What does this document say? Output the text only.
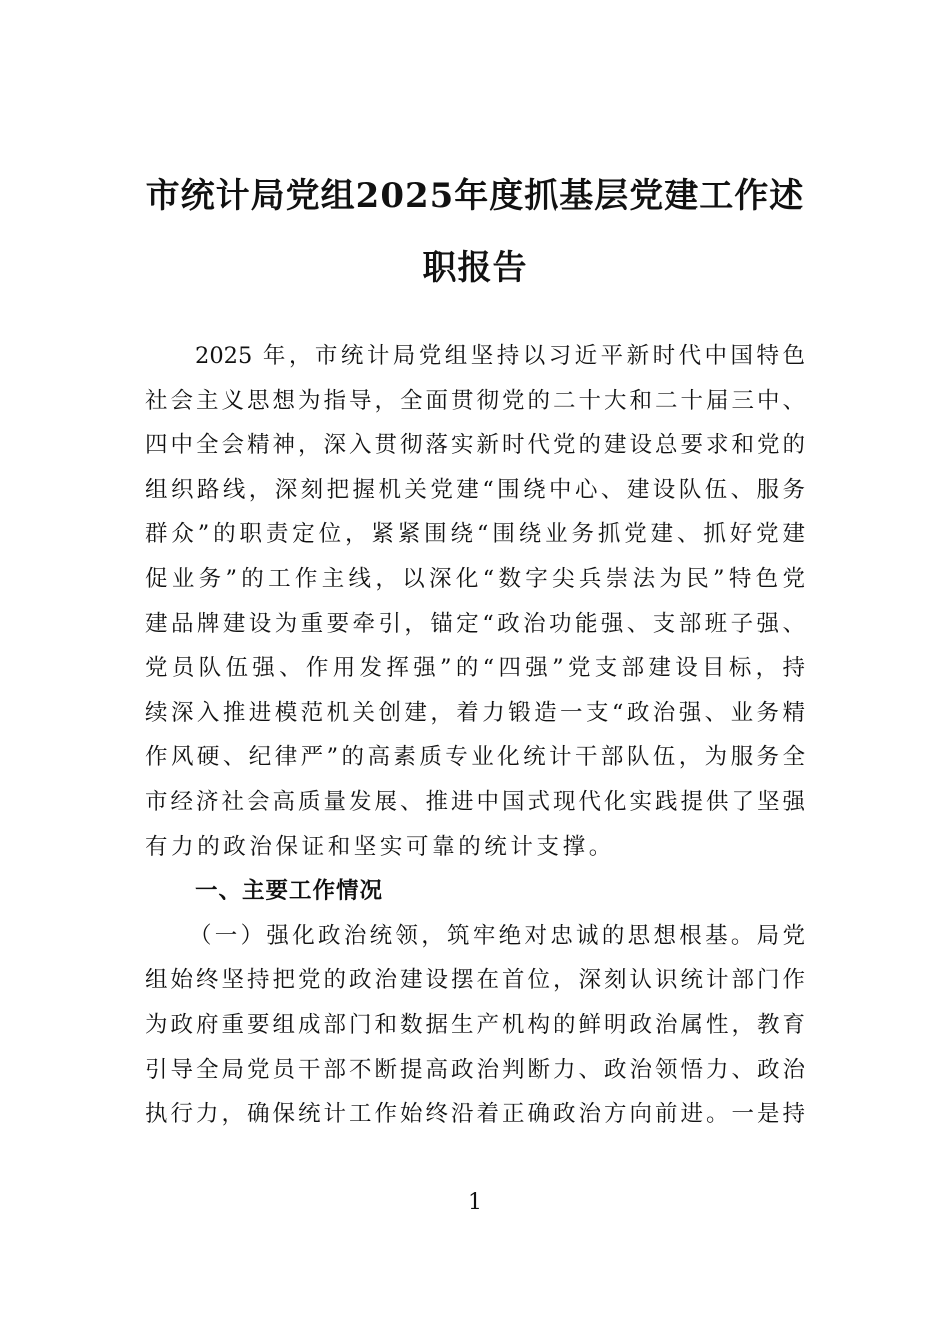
市统计局党组2025年度抓基层党建工作述
职报告
2025 年，市统计局党组坚持以习近平新时代中国特色
社会主义思想为指导，全面贯彻党的二十大和二十届三中、
四中全会精神，深入贯彻落实新时代党的建设总要求和党的
组织路线，深刻把握机关党建“围绕中心、建设队伍、服务
群众”的职责定位，紧紧围绕“围绕业务抓党建、抓好党建
促业务”的工作主线，以深化“数字尖兵崇法为民”特色党
建品牌建设为重要牵引，锚定“政治功能强、支部班子强、
党员队伍强、作用发挥强”的“四强”党支部建设目标，持
续深入推进模范机关创建，着力锻造一支“政治强、业务精
作风硬、纪律严”的高素质专业化统计干部队伍，为服务全
市经济社会高质量发展、推进中国式现代化实践提供了坚强
有力的政治保证和坚实可靠的统计支撑。
一、主要工作情况
（一）强化政治统领，筑牢绝对忠诚的思想根基。局党
组始终坚持把党的政治建设摆在首位，深刻认识统计部门作
为政府重要组成部门和数据生产机构的鲜明政治属性，教育
引导全局党员干部不断提高政治判断力、政治领悟力、政治
执行力，确保统计工作始终沿着正确政治方向前进。一是持
1
